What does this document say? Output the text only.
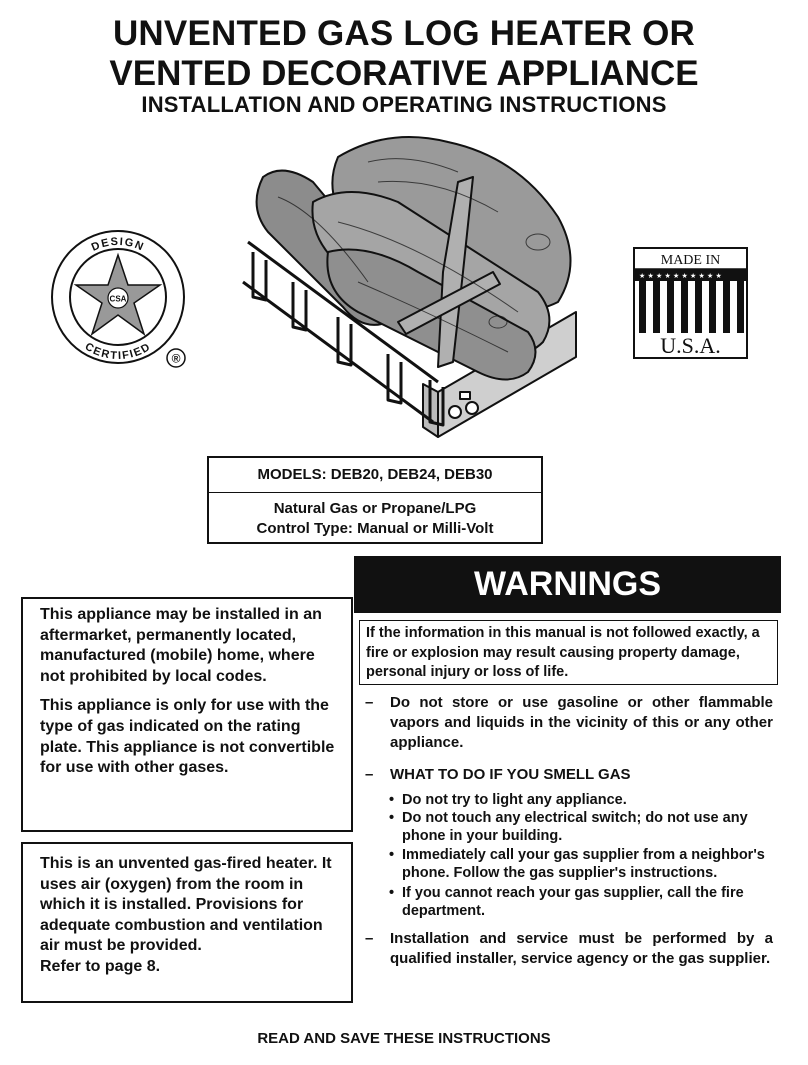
UNVENTED GAS LOG HEATER OR
VENTED DECORATIVE APPLIANCE
INSTALLATION AND OPERATING INSTRUCTIONS
DESIGN
CERTIFIED
CSA
®
MADE IN
★ ★ ★ ★ ★ ★ ★ ★ ★ ★
U.S.A.
MODELS: DEB20, DEB24, DEB30
Natural Gas or Propane/LPG
Control Type: Manual or Milli-Volt

This appliance may be installed in an aftermarket, permanently located, manufactured (mobile) home, where not prohibited by local codes.

This appliance is only for use with the type of gas indicated on the rating plate. This appliance is not convertible for use with other gases.

This is an unvented gas-fired heater. It uses air (oxygen) from the room in which it is installed. Provisions for adequate combustion and ventilation air must be provided.

Refer to page 8.

WARNINGS
If the information in this manual is not followed exactly, a fire or explosion may result causing property damage, personal injury or loss of life.
– Do not store or use gasoline or other flammable vapors and liquids in the vicinity of this or any other appliance.
– WHAT TO DO IF YOU SMELL GAS
• Do not try to light any appliance.
• Do not touch any electrical switch; do not use any phone in your building.
• Immediately call your gas supplier from a neighbor's phone. Follow the gas supplier's instructions.
• If you cannot reach your gas supplier, call the fire department.
– Installation and service must be performed by a qualified installer, service agency or the gas supplier.
READ AND SAVE THESE INSTRUCTIONS
